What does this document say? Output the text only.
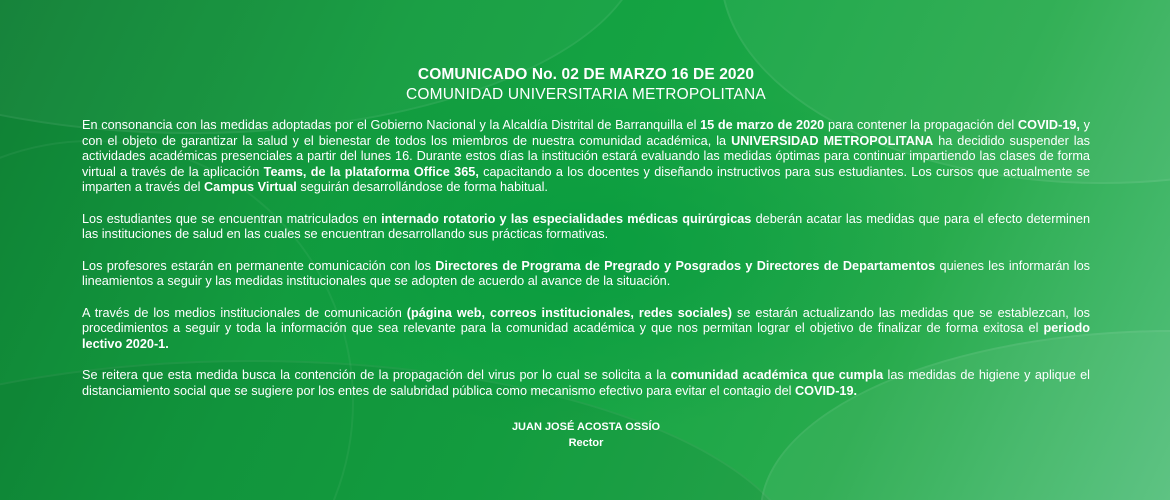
COMUNICADO No. 02 DE MARZO 16 DE 2020
COMUNIDAD UNIVERSITARIA METROPOLITANA

En consonancia con las medidas adoptadas por el Gobierno Nacional y la Alcaldía Distrital de Barranquilla el 15 de marzo de 2020 para contener la propagación del COVID-19, y con el objeto de garantizar la salud y el bienestar de todos los miembros de nuestra comunidad académica, la UNIVERSIDAD METROPOLITANA ha decidido suspender las actividades académicas presenciales a partir del lunes 16. Durante estos días la institución estará evaluando las medidas óptimas para continuar impartiendo las clases de forma virtual a través de la aplicación Teams, de la plataforma Office 365, capacitando a los docentes y diseñando instructivos para sus estudiantes. Los cursos que actualmente se imparten a través del Campus Virtual seguirán desarrollándose de forma habitual.

Los estudiantes que se encuentran matriculados en internado rotatorio y las especialidades médicas quirúrgicas deberán acatar las medidas que para el efecto determinen las instituciones de salud en las cuales se encuentran desarrollando sus prácticas formativas.

Los profesores estarán en permanente comunicación con los Directores de Programa de Pregrado y Posgrados y Directores de Departamentos quienes les informarán los lineamientos a seguir y las medidas institucionales que se adopten de acuerdo al avance de la situación.

A través de los medios institucionales de comunicación (página web, correos institucionales, redes sociales) se estarán actualizando las medidas que se establezcan, los procedimientos a seguir y toda la información que sea relevante para la comunidad académica y que nos permitan lograr el objetivo de finalizar de forma exitosa el periodo lectivo 2020-1.

Se reitera que esta medida busca la contención de la propagación del virus por lo cual se solicita a la comunidad académica que cumpla las medidas de higiene y aplique el distanciamiento social que se sugiere por los entes de salubridad pública como mecanismo efectivo para evitar el contagio del COVID-19.

JUAN JOSÉ ACOSTA OSSÍO
Rector
